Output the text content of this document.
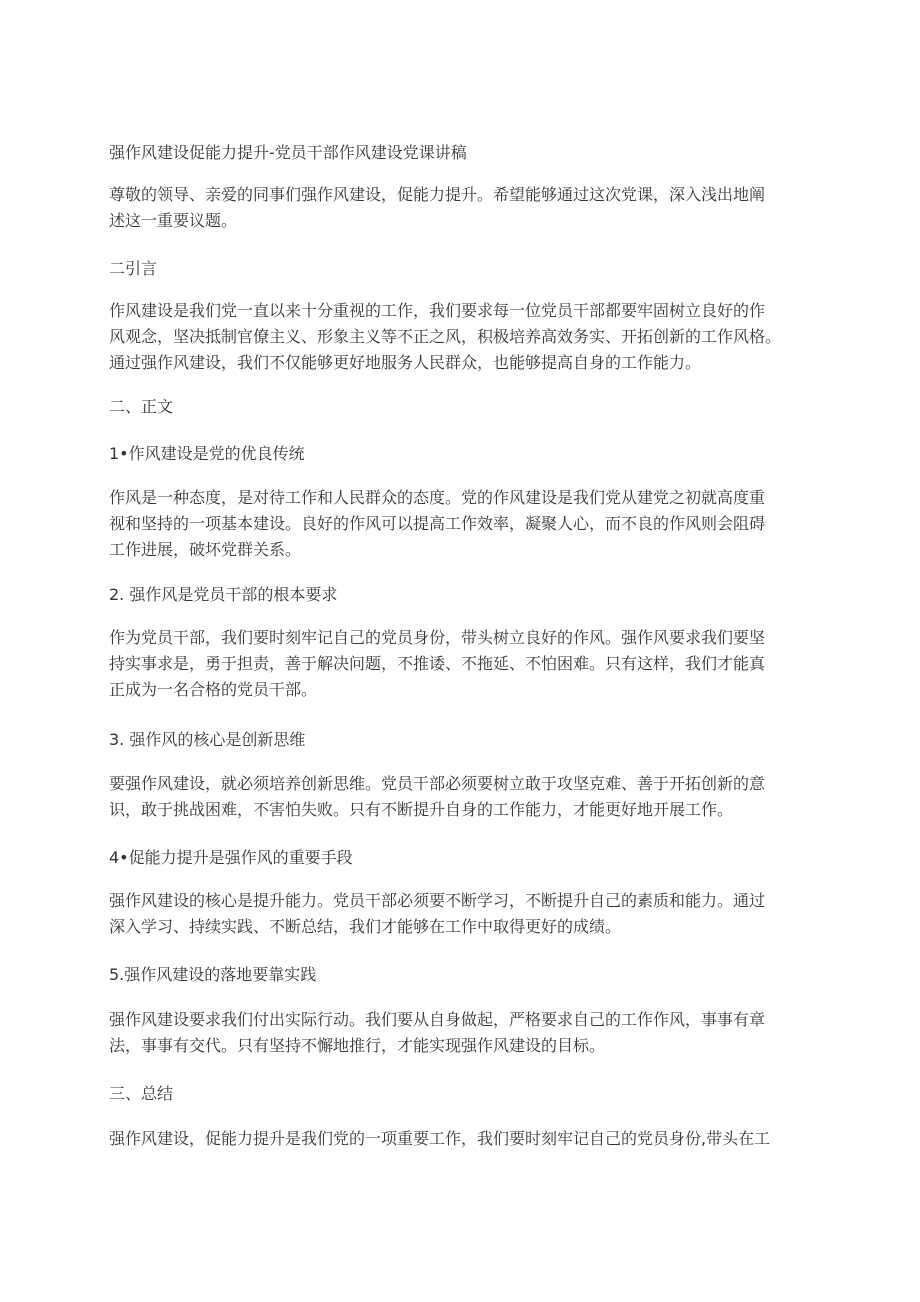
强作风建设促能力提升-党员干部作风建设党课讲稿

尊敬的领导、亲爱的同事们强作风建设，促能力提升。希望能够通过这次党课，深入浅出地阐
述这一重要议题。

二引言

作风建设是我们党一直以来十分重视的工作，我们要求每一位党员干部都要牢固树立良好的作
风观念，坚决抵制官僚主义、形象主义等不正之风，积极培养高效务实、开拓创新的工作风格。
通过强作风建设，我们不仅能够更好地服务人民群众，也能够提高自身的工作能力。

二、正文

1•作风建设是党的优良传统

作风是一种态度，是对待工作和人民群众的态度。党的作风建设是我们党从建党之初就高度重
视和坚持的一项基本建设。良好的作风可以提高工作效率，凝聚人心，而不良的作风则会阻碍
工作进展，破坏党群关系。

2. 强作风是党员干部的根本要求

作为党员干部，我们要时刻牢记自己的党员身份，带头树立良好的作风。强作风要求我们要坚
持实事求是，勇于担责，善于解决问题，不推诿、不拖延、不怕困难。只有这样，我们才能真
正成为一名合格的党员干部。

3. 强作风的核心是创新思维

要强作风建设，就必须培养创新思维。党员干部必须要树立敢于攻坚克难、善于开拓创新的意
识，敢于挑战困难，不害怕失败。只有不断提升自身的工作能力，才能更好地开展工作。

4•促能力提升是强作风的重要手段

强作风建设的核心是提升能力。党员干部必须要不断学习，不断提升自己的素质和能力。通过
深入学习、持续实践、不断总结，我们才能够在工作中取得更好的成绩。

5.强作风建设的落地要靠实践

强作风建设要求我们付出实际行动。我们要从自身做起，严格要求自己的工作作风，事事有章
法，事事有交代。只有坚持不懈地推行，才能实现强作风建设的目标。

三、总结

强作风建设，促能力提升是我们党的一项重要工作，我们要时刻牢记自己的党员身份,带头在工
